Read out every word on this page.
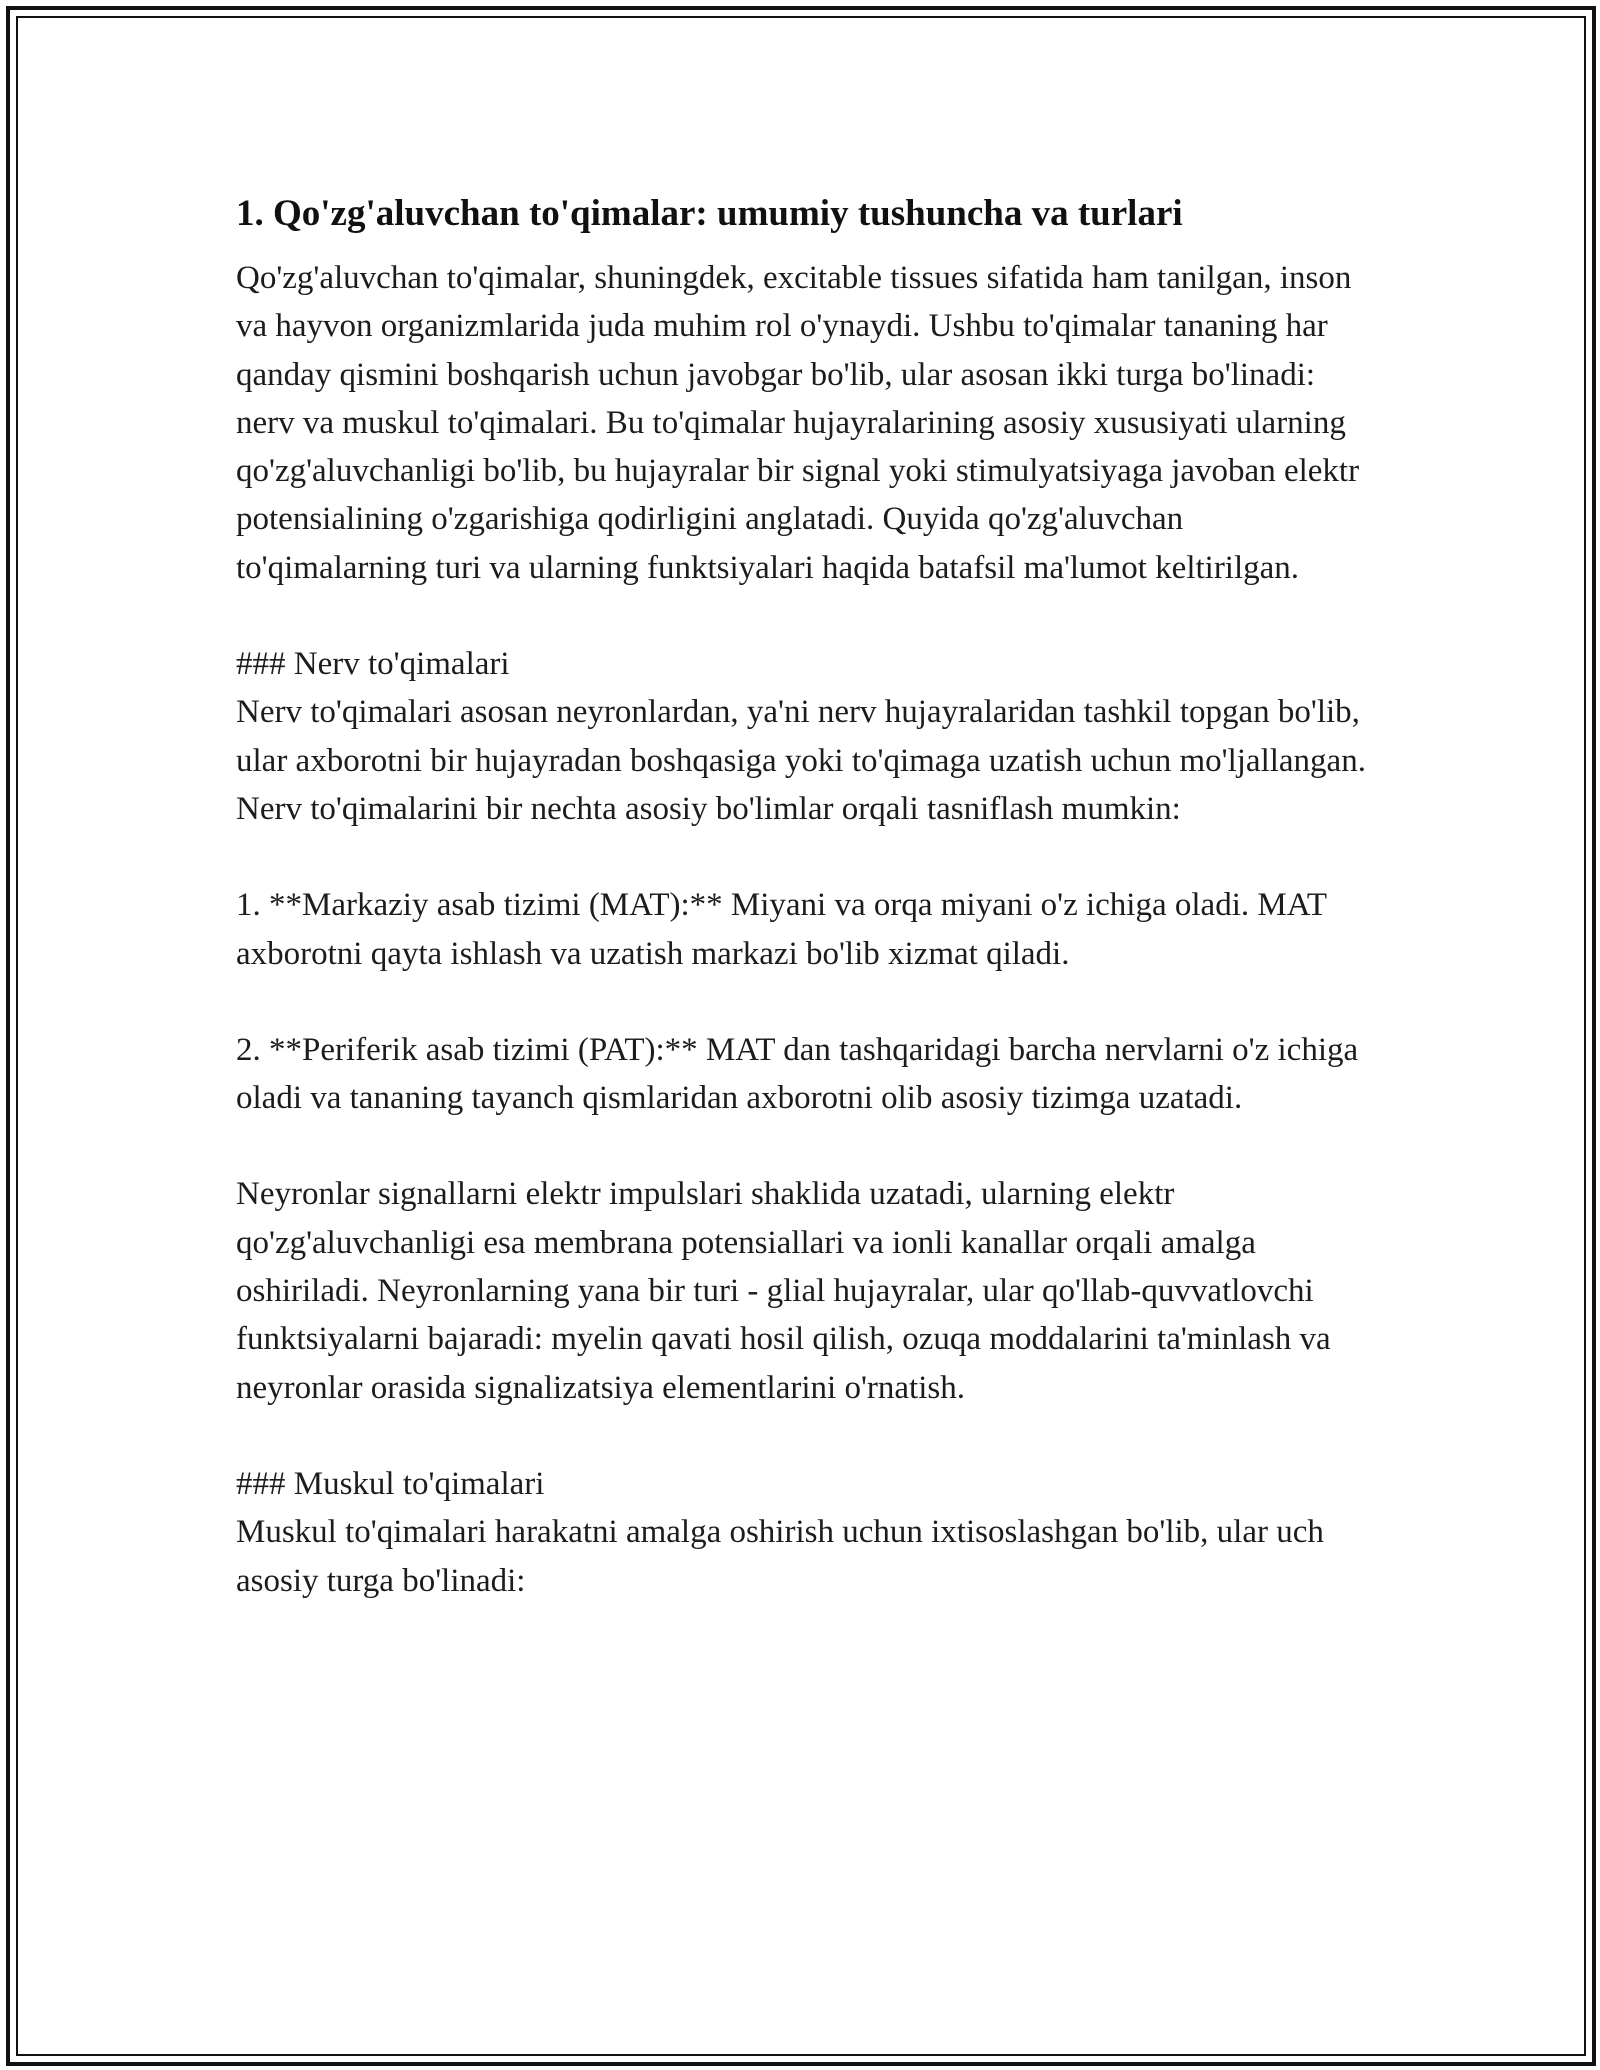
1. Qo'zg'aluvchan to'qimalar: umumiy tushuncha va turlari

Qo'zg'aluvchan to'qimalar, shuningdek, excitable tissues sifatida ham tanilgan, inson va hayvon organizmlarida juda muhim rol o'ynaydi. Ushbu to'qimalar tananing har qanday qismini boshqarish uchun javobgar bo'lib, ular asosan ikki turga bo'linadi: nerv va muskul to'qimalari. Bu to'qimalar hujayralarining asosiy xususiyati ularning qo'zg'aluvchanligi bo'lib, bu hujayralar bir signal yoki stimulyatsiyaga javoban elektr potensialining o'zgarishiga qodirligini anglatadi. Quyida qo'zg'aluvchan to'qimalarning turi va ularning funktsiyalari haqida batafsil ma'lumot keltirilgan.

### Nerv to'qimalari

Nerv to'qimalari asosan neyronlardan, ya'ni nerv hujayralaridan tashkil topgan bo'lib, ular axborotni bir hujayradan boshqasiga yoki to'qimaga uzatish uchun mo'ljallangan. Nerv to'qimalarini bir nechta asosiy bo'limlar orqali tasniflash mumkin:

1. **Markaziy asab tizimi (MAT):** Miyani va orqa miyani o'z ichiga oladi. MAT axborotni qayta ishlash va uzatish markazi bo'lib xizmat qiladi.

2. **Periferik asab tizimi (PAT):** MAT dan tashqaridagi barcha nervlarni o'z ichiga oladi va tananing tayanch qismlaridan axborotni olib asosiy tizimga uzatadi.

Neyronlar signallarni elektr impulslari shaklida uzatadi, ularning elektr qo'zg'aluvchanligi esa membrana potensiallari va ionli kanallar orqali amalga oshiriladi. Neyronlarning yana bir turi - glial hujayralar, ular qo'llab-quvvatlovchi funktsiyalarni bajaradi: myelin qavati hosil qilish, ozuqa moddalarini ta'minlash va neyronlar orasida signalizatsiya elementlarini o'rnatish.

### Muskul to'qimalari

Muskul to'qimalari harakatni amalga oshirish uchun ixtisoslashgan bo'lib, ular uch asosiy turga bo'linadi:
